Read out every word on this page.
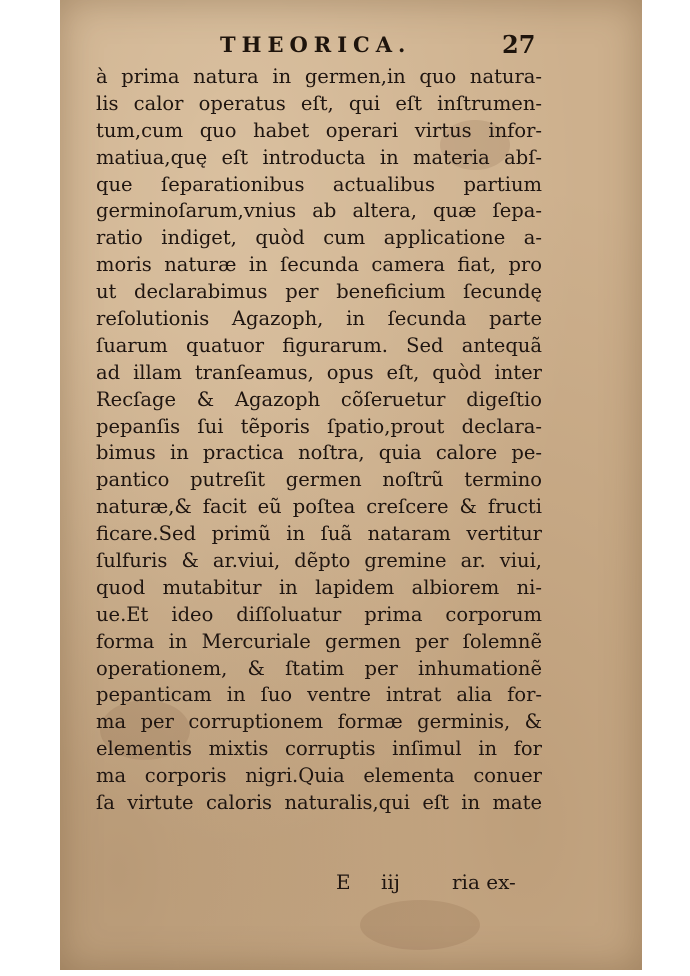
THEORICA.	27
à prima natura in germen,in quo natura-
lis calor operatus eſt, qui eſt inſtrumen-
tum,cum quo habet operari virtus infor-
matiua,quę eſt introducta in materia abſ-
que ſeparationibus actualibus partium
germinoſarum,vnius ab altera, quæ ſepa-
ratio indiget, quòd cum applicatione a-
moris naturæ in ſecunda camera fiat, pro
ut declarabimus per beneficium ſecundę
reſolutionis Agazoph, in ſecunda parte
ſuarum quatuor figurarum. Sed antequã
ad illam tranſeamus, opus eſt, quòd inter
Recſage & Agazoph cõſeruetur digeſtio
pepanſis ſui tẽporis ſpatio,prout declara-
bimus in practica noſtra, quia calore pe-
pantico putreſit germen noſtrũ termino
naturæ,& facit eũ poſtea creſcere & fructi
ficare.Sed primũ in ſuã nataram vertitur
ſulfuris & ar.viui, dẽpto gremine ar. viui,
quod mutabitur in lapidem albiorem ni-
ue.Et ideo diſſoluatur prima corporum
forma in Mercuriale germen per ſolemnẽ
operationem, & ſtatim per inhumationẽ
pepanticam in ſuo ventre intrat alia for-
ma per corruptionem formæ germinis, &
elementis mixtis corruptis inſimul in for
ma corporis nigri.Quia elementa conuer
ſa virtute caloris naturalis,qui eſt in mate
E iij	ria ex-
